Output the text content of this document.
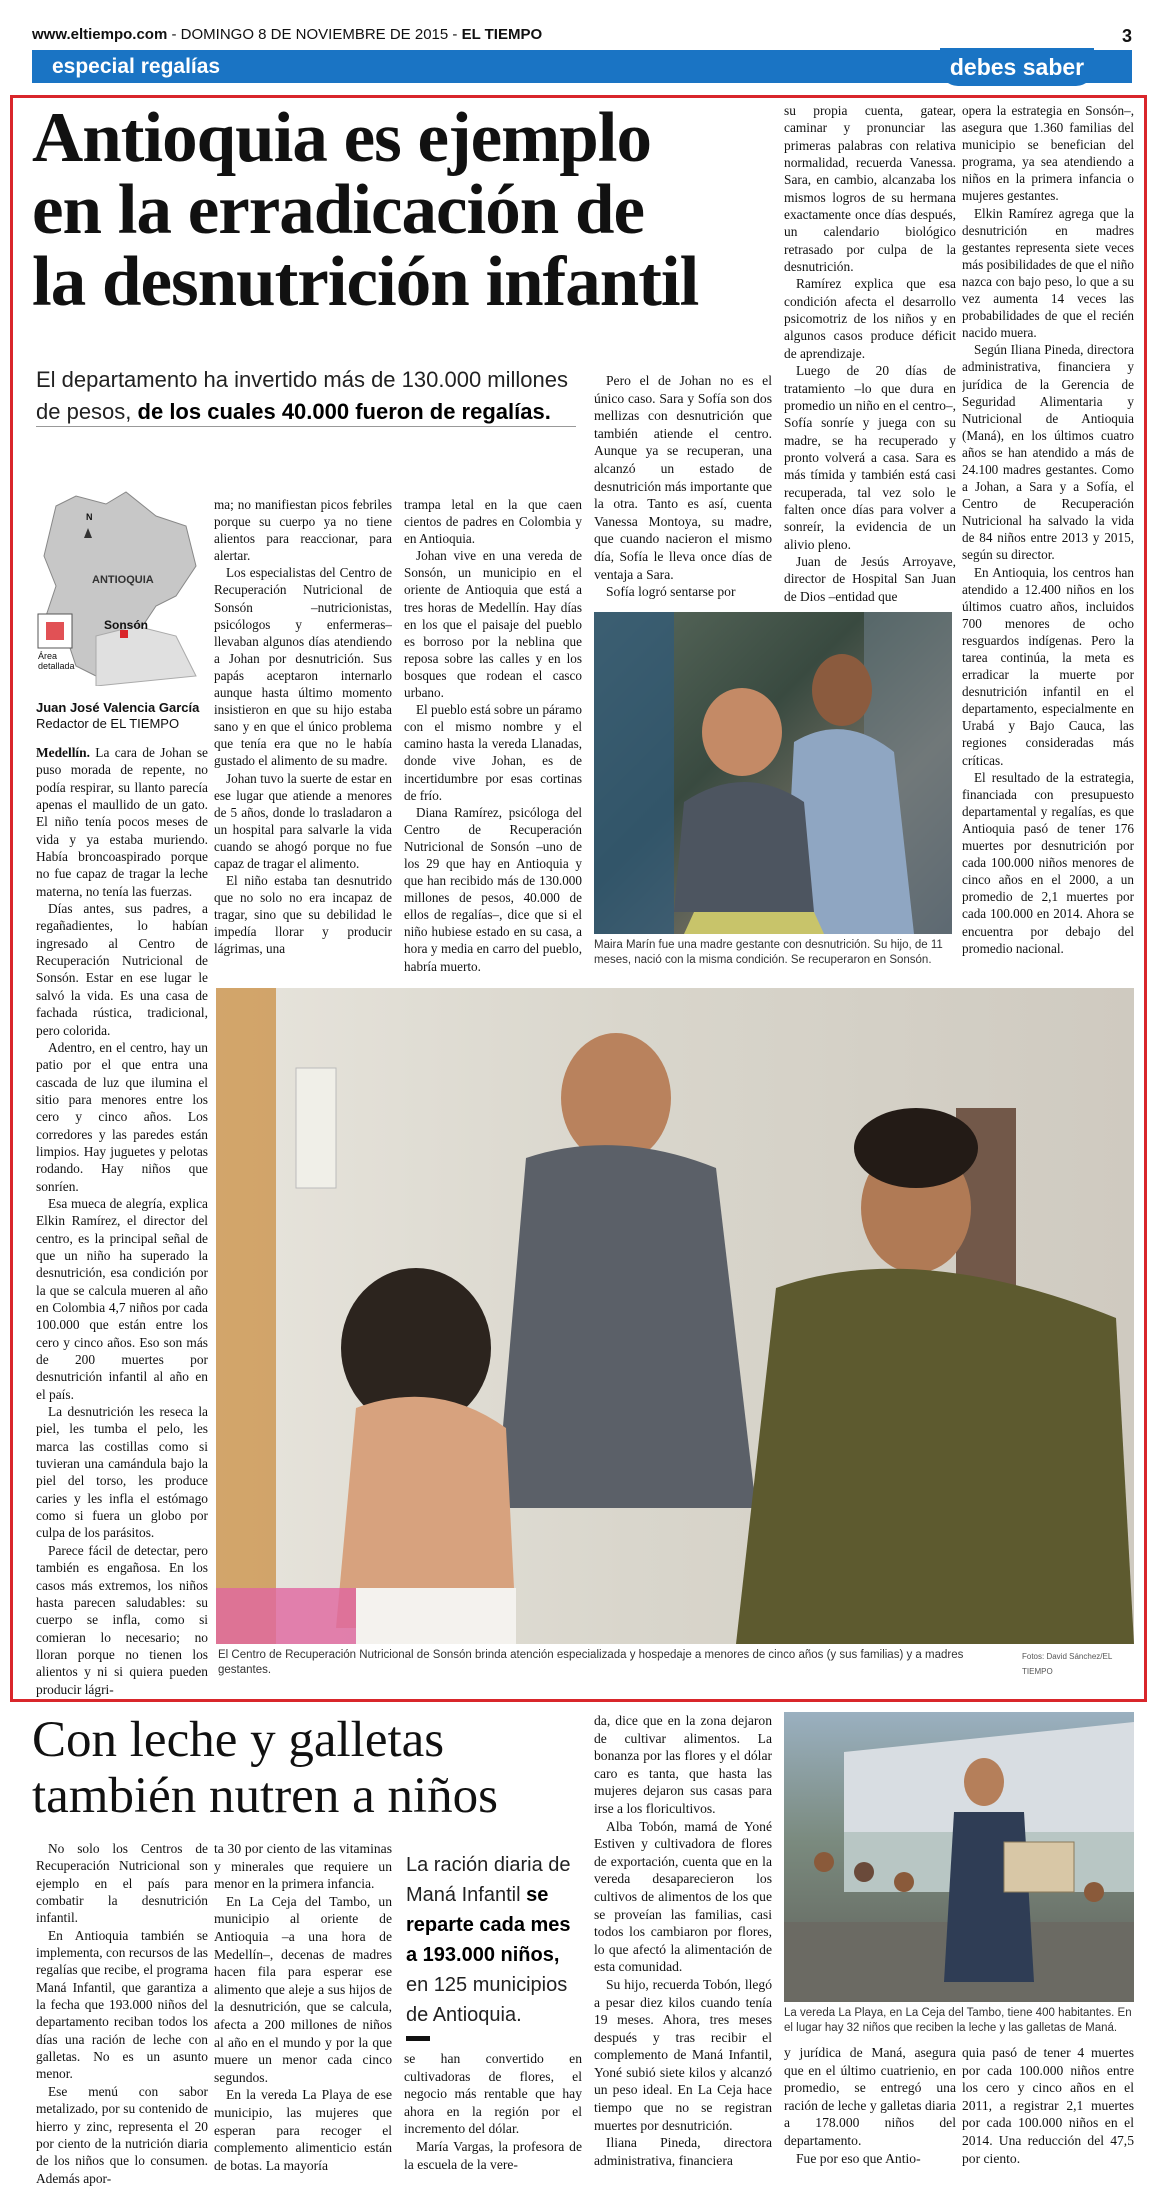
www.eltiempo.com - DOMINGO 8 DE NOVIEMBRE DE 2015 - EL TIEMPO	3
especial regalías	debes saber
Antioquia es ejemplo
en la erradicación de
la desnutrición infantil
El departamento ha invertido más de 130.000 millones de pesos, de los cuales 40.000 fueron de regalías.
N
ANTIOQUIA
Sonsón
Área detallada
Juan José Valencia García
Redactor de EL TIEMPO

Medellín. La cara de Johan se puso morada de repente, no podía respirar, su llanto parecía apenas el maullido de un gato. El niño tenía pocos meses de vida y ya estaba muriendo. Había broncoaspirado porque no fue capaz de tragar la leche materna, no tenía las fuerzas.

Días antes, sus padres, a regañadientes, lo habían ingresado al Centro de Recuperación Nutricional de Sonsón. Estar en ese lugar le salvó la vida. Es una casa de fachada rústica, tradicional, pero colorida.

Adentro, en el centro, hay un patio por el que entra una cascada de luz que ilumina el sitio para menores entre los cero y cinco años. Los corredores y las paredes están limpios. Hay juguetes y pelotas rodando. Hay niños que sonríen.

Esa mueca de alegría, explica Elkin Ramírez, el director del centro, es la principal señal de que un niño ha superado la desnutrición, esa condición por la que se calcula mueren al año en Colombia 4,7 niños por cada 100.000 que están entre los cero y cinco años. Eso son más de 200 muertes por desnutrición infantil al año en el país.

La desnutrición les reseca la piel, les tumba el pelo, les marca las costillas como si tuvieran una camándula bajo la piel del torso, les produce caries y les infla el estómago como si fuera un globo por culpa de los parásitos.

Parece fácil de detectar, pero también es engañosa. En los casos más extremos, los niños hasta parecen saludables: su cuerpo se infla, como si comieran lo necesario; no lloran porque no tienen los alientos y ni si quiera pueden producir lágri-

ma; no manifiestan picos febriles porque su cuerpo ya no tiene alientos para reaccionar, para alertar.

Los especialistas del Centro de Recuperación Nutricional de Sonsón –nutricionistas, psicólogos y enfermeras– llevaban algunos días atendiendo a Johan por desnutrición. Sus papás aceptaron internarlo aunque hasta último momento insistieron en que su hijo estaba sano y en que el único problema que tenía era que no le había gustado el alimento de su madre.

Johan tuvo la suerte de estar en ese lugar que atiende a menores de 5 años, donde lo trasladaron a un hospital para salvarle la vida cuando se ahogó porque no fue capaz de tragar el alimento.

El niño estaba tan desnutrido que no solo no era incapaz de tragar, sino que su debilidad le impedía llorar y producir lágrimas, una

trampa letal en la que caen cientos de padres en Colombia y en Antioquia.

Johan vive en una vereda de Sonsón, un municipio en el oriente de Antioquia que está a tres horas de Medellín. Hay días en los que el paisaje del pueblo es borroso por la neblina que reposa sobre las calles y en los bosques que rodean el casco urbano.

El pueblo está sobre un páramo con el mismo nombre y el camino hasta la vereda Llanadas, donde vive Johan, es de incertidumbre por esas cortinas de frío.

Diana Ramírez, psicóloga del Centro de Recuperación Nutricional de Sonsón –uno de los 29 que hay en Antioquia y que han recibido más de 130.000 millones de pesos, 40.000 de ellos de regalías–, dice que si el niño hubiese estado en su casa, a hora y media en carro del pueblo, habría muerto.

Pero el de Johan no es el único caso. Sara y Sofía son dos mellizas con desnutrición que también atiende el centro. Aunque ya se recuperan, una alcanzó un estado de desnutrición más importante que la otra. Tanto es así, cuenta Vanessa Montoya, su madre, que cuando nacieron el mismo día, Sofía le lleva once días de ventaja a Sara.

Sofía logró sentarse por

su propia cuenta, gatear, caminar y pronunciar las primeras palabras con relativa normalidad, recuerda Vanessa. Sara, en cambio, alcanzaba los mismos logros de su hermana exactamente once días después, un calendario biológico retrasado por culpa de la desnutrición.

Ramírez explica que esa condición afecta el desarrollo psicomotriz de los niños y en algunos casos produce déficit de aprendizaje.

Luego de 20 días de tratamiento –lo que dura en promedio un niño en el centro–, Sofía sonríe y juega con su madre, se ha recuperado y pronto volverá a casa. Sara es más tímida y también está casi recuperada, tal vez solo le falten once días para volver a sonreír, la evidencia de un alivio pleno.

Juan de Jesús Arroyave, director de Hospital San Juan de Dios –entidad que

opera la estrategia en Sonsón–, asegura que 1.360 familias del municipio se benefician del programa, ya sea atendiendo a niños en la primera infancia o mujeres gestantes.

Elkin Ramírez agrega que la desnutrición en madres gestantes representa siete veces más posibilidades de que el niño nazca con bajo peso, lo que a su vez aumenta 14 veces las probabilidades de que el recién nacido muera.

Según Iliana Pineda, directora administrativa, financiera y jurídica de la Gerencia de Seguridad Alimentaria y Nutricional de Antioquia (Maná), en los últimos cuatro años se han atendido a más de 24.100 madres gestantes. Como a Johan, a Sara y a Sofía, el Centro de Recuperación Nutricional ha salvado la vida de 84 niños entre 2013 y 2015, según su director.

En Antioquia, los centros han atendido a 12.400 niños en los últimos cuatro años, incluidos 700 menores de ocho resguardos indígenas. Pero la tarea continúa, la meta es erradicar la muerte por desnutrición infantil en el departamento, especialmente en Urabá y Bajo Cauca, las regiones consideradas más críticas.

El resultado de la estrategia, financiada con presupuesto departamental y regalías, es que Antioquia pasó de tener 176 muertes por desnutrición por cada 100.000 niños menores de cinco años en el 2000, a un promedio de 2,1 muertes por cada 100.000 en 2014. Ahora se encuentra por debajo del promedio nacional.

Maira Marín fue una madre gestante con desnutrición. Su hijo, de 11 meses, nació con la misma condición. Se recuperaron en Sonsón.
El Centro de Recuperación Nutricional de Sonsón brinda atención especializada y hospedaje a menores de cinco años (y sus familias) y a madres gestantes.
Fotos: David Sánchez/EL TIEMPO
Con leche y galletas
también nutren a niños

No solo los Centros de Recuperación Nutricional son ejemplo en el país para combatir la desnutrición infantil.

En Antioquia también se implementa, con recursos de las regalías que recibe, el programa Maná Infantil, que garantiza a la fecha que 193.000 niños del departamento reciban todos los días una ración de leche con galletas. No es un asunto menor.

Ese menú con sabor metalizado, por su contenido de hierro y zinc, representa el 20 por ciento de la nutrición diaria de los niños que lo consumen. Además apor-

ta 30 por ciento de las vitaminas y minerales que requiere un menor en la primera infancia.

En La Ceja del Tambo, un municipio al oriente de Antioquia –a una hora de Medellín–, decenas de madres hacen fila para esperar ese alimento que aleje a sus hijos de la desnutrición, que se calcula, afecta a 200 millones de niños al año en el mundo y por la que muere un menor cada cinco segundos.

En la vereda La Playa de ese municipio, las mujeres que esperan para recoger el complemento alimenticio están de botas. La mayoría

La ración diaria de Maná Infantil se reparte cada mes a 193.000 niños, en 125 municipios de Antioquia.

se han convertido en cultivadoras de flores, el negocio más rentable que hay ahora en la región por el incremento del dólar.

María Vargas, la profesora de la escuela de la vere-

da, dice que en la zona dejaron de cultivar alimentos. La bonanza por las flores y el dólar caro es tanta, que hasta las mujeres dejaron sus casas para irse a los floricultivos.

Alba Tobón, mamá de Yoné Estiven y cultivadora de flores de exportación, cuenta que en la vereda desaparecieron los cultivos de alimentos de los que se proveían las familias, casi todos los cambiaron por flores, lo que afectó la alimentación de esta comunidad.

Su hijo, recuerda Tobón, llegó a pesar diez kilos cuando tenía 19 meses. Ahora, tres meses después y tras recibir el complemento de Maná Infantil, Yoné subió siete kilos y alcanzó un peso ideal. En La Ceja hace tiempo que no se registran muertes por desnutrición.

Iliana Pineda, directora administrativa, financiera

La vereda La Playa, en La Ceja del Tambo, tiene 400 habitantes. En el lugar hay 32 niños que reciben la leche y las galletas de Maná.

y jurídica de Maná, asegura que en el último cuatrienio, en promedio, se entregó una ración de leche y galletas diaria a 178.000 niños del departamento.

Fue por eso que Antio-

quia pasó de tener 4 muertes por cada 100.000 niños entre los cero y cinco años en el 2011, a registrar 2,1 muertes por cada 100.000 niños en el 2014. Una reducción del 47,5 por ciento.
